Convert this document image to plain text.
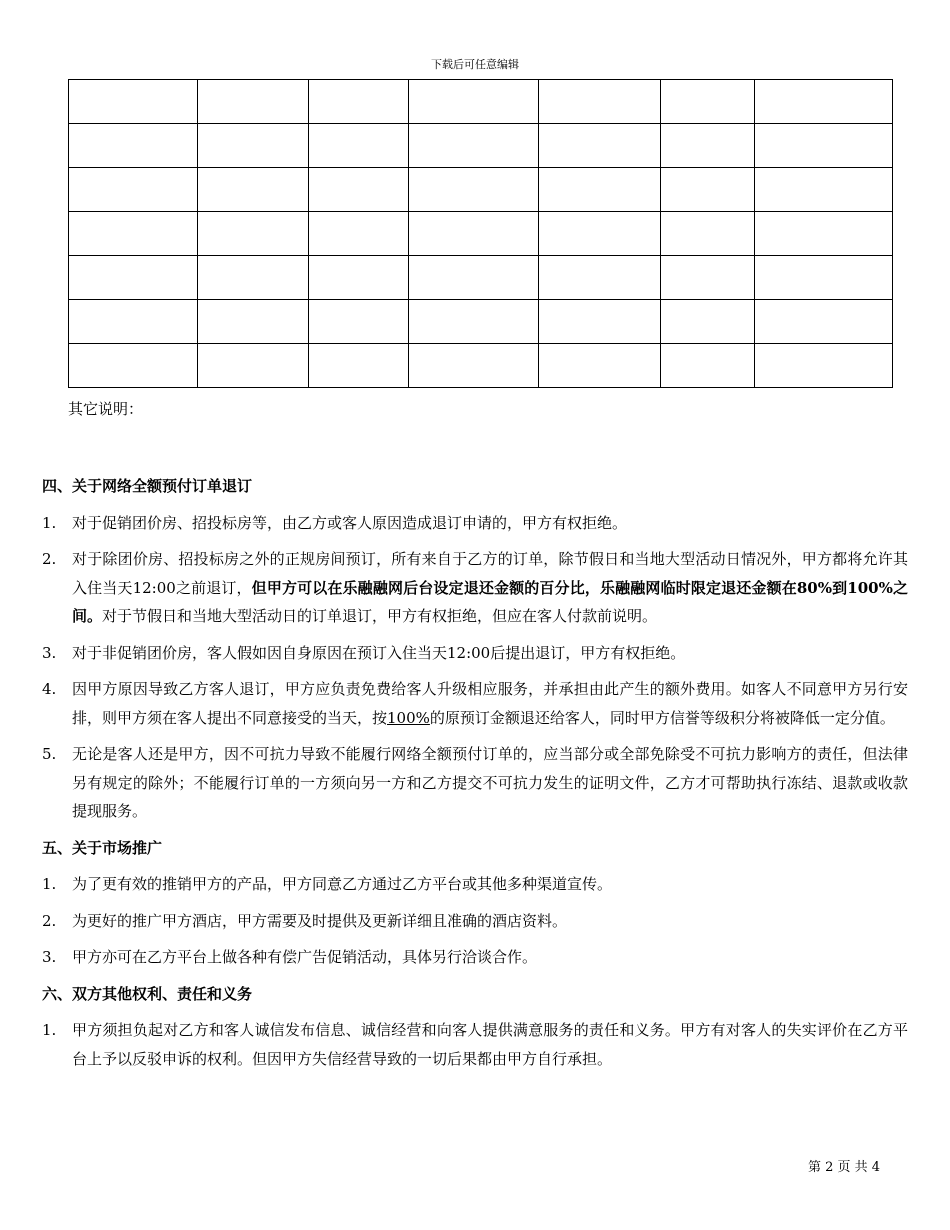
下载后可任意编辑

其它说明：
四、关于网络全额预付订单退订
1.	对于促销团价房、招投标房等，由乙方或客人原因造成退订申请的，甲方有权拒绝。
2.	对于除团价房、招投标房之外的正规房间预订，所有来自于乙方的订单，除节假日和当地大型活动日情况外，甲方都将允许其入住当天12:00之前退订，但甲方可以在乐融融网后台设定退还金额的百分比，乐融融网临时限定退还金额在80%到100%之间。对于节假日和当地大型活动日的订单退订，甲方有权拒绝，但应在客人付款前说明。
3.	对于非促销团价房，客人假如因自身原因在预订入住当天12:00后提出退订，甲方有权拒绝。
4.	因甲方原因导致乙方客人退订，甲方应负责免费给客人升级相应服务，并承担由此产生的额外费用。如客人不同意甲方另行安排，则甲方须在客人提出不同意接受的当天，按100%的原预订金额退还给客人，同时甲方信誉等级积分将被降低一定分值。
5.	无论是客人还是甲方，因不可抗力导致不能履行网络全额预付订单的，应当部分或全部免除受不可抗力影响方的责任，但法律另有规定的除外；不能履行订单的一方须向另一方和乙方提交不可抗力发生的证明文件，乙方才可帮助执行冻结、退款或收款提现服务。
五、关于市场推广
1.	为了更有效的推销甲方的产品，甲方同意乙方通过乙方平台或其他多种渠道宣传。
2.	为更好的推广甲方酒店，甲方需要及时提供及更新详细且准确的酒店资料。
3.	甲方亦可在乙方平台上做各种有偿广告促销活动，具体另行洽谈合作。
六、双方其他权利、责任和义务
1.	甲方须担负起对乙方和客人诚信发布信息、诚信经营和向客人提供满意服务的责任和义务。甲方有对客人的失实评价在乙方平台上予以反驳申诉的权利。但因甲方失信经营导致的一切后果都由甲方自行承担。
第 2 页 共 4
